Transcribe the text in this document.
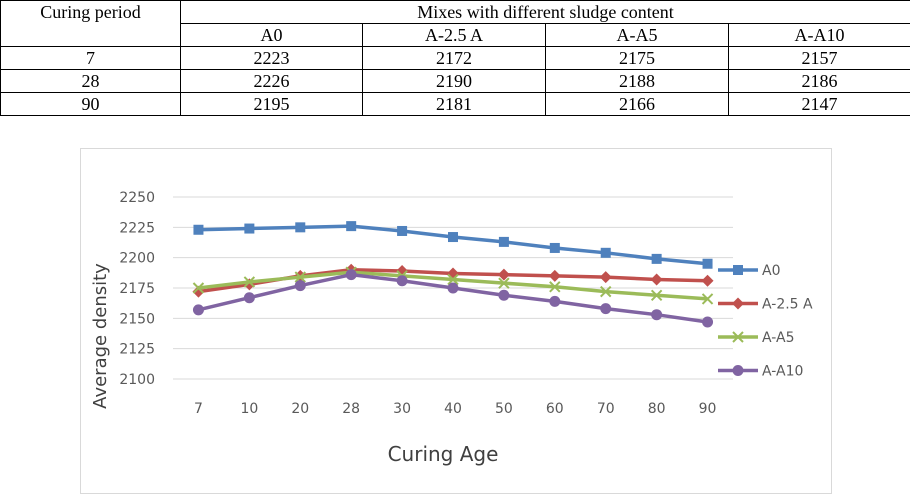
Curing period	Mixes with different sludge content			
	A0	A-2.5 A	A-A5	A-A10
7	2223	2172	2175	2157
28	2226	2190	2188	2186
90	2195	2181	2166	2147
2100
2125
2150
2175
2200
2225
2250
7	10 20 28 30 40 50 60 70 80 90
A0
A-2.5 A
A-A5
A-A10
Average density
Curing Age
